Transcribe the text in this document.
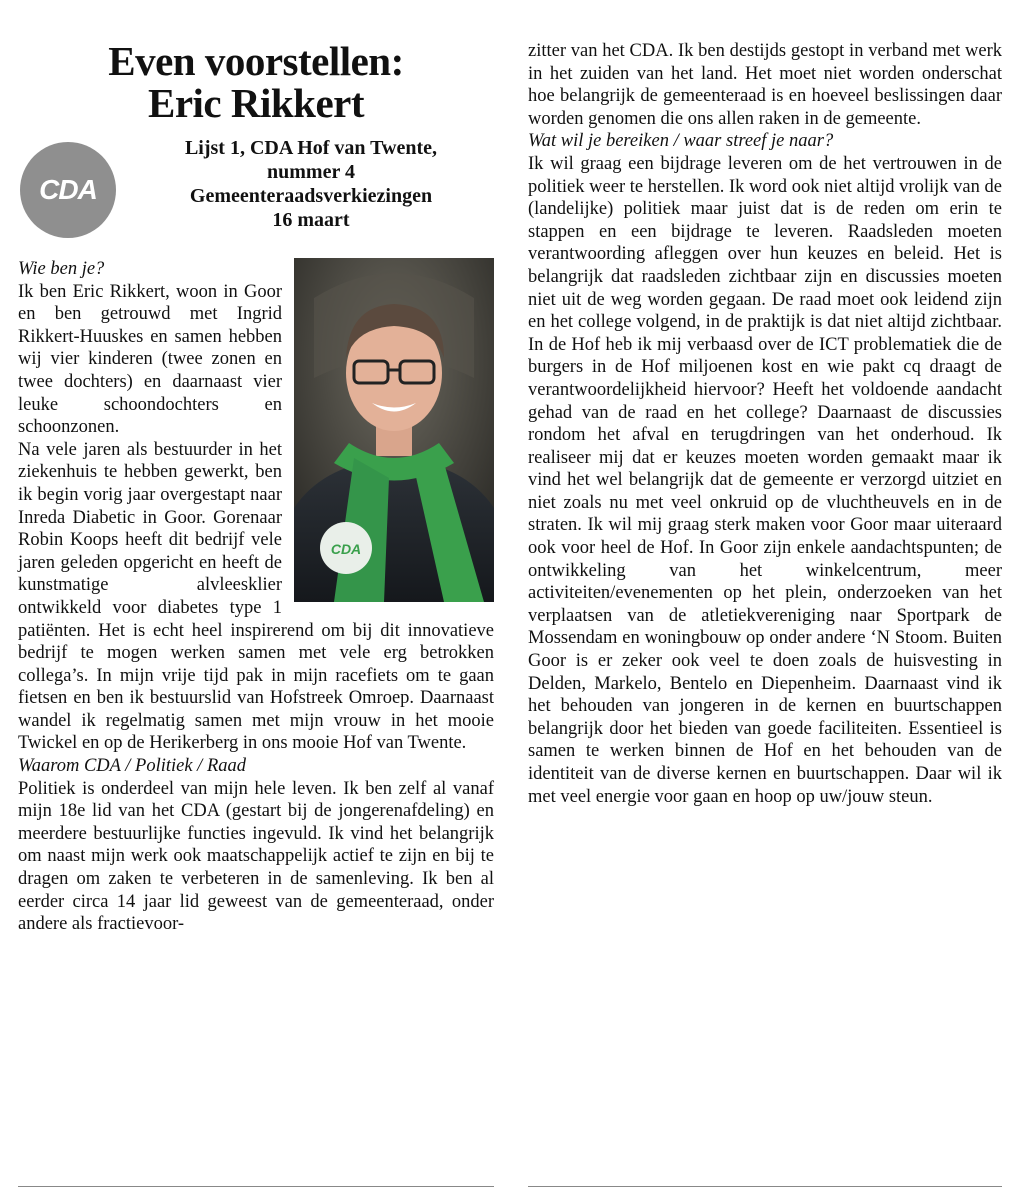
Even voorstellen:
Eric Rikkert
CDA
Lijst 1, CDA Hof van Twente,
nummer 4
Gemeenteraadsverkiezingen
16 maart
CDA
Wie ben je?
Ik ben Eric Rikkert, woon in Goor en ben getrouwd met Ingrid Rikkert-Huuskes en samen hebben wij vier kinderen (twee zonen en twee dochters) en daarnaast vier leuke schoondochters en schoonzonen.
Na vele jaren als bestuurder in het ziekenhuis te hebben gewerkt, ben ik begin vorig jaar overgestapt naar Inreda Diabetic in Goor. Gorenaar Robin Koops heeft dit bedrijf vele jaren geleden opgericht en heeft de kunstmatige alvleesklier ontwikkeld voor diabetes type 1 patiënten. Het is echt heel inspirerend om bij dit innovatieve bedrijf te mogen werken samen met vele erg betrokken collega’s. In mijn vrije tijd pak in mijn racefiets om te gaan fietsen en ben ik bestuurslid van Hofstreek Omroep. Daarnaast wandel ik regelmatig samen met mijn vrouw in het mooie Twickel en op de Herikerberg in ons mooie Hof van Twente.
Waarom CDA / Politiek / Raad
Politiek is onderdeel van mijn hele leven. Ik ben zelf al vanaf mijn 18e lid van het CDA (gestart bij de jongerenafdeling) en meerdere bestuurlijke functies ingevuld. Ik vind het belangrijk om naast mijn werk ook maatschappelijk actief te zijn en bij te dragen om zaken te verbeteren in de samenleving. Ik ben al eerder circa 14 jaar lid geweest van de gemeenteraad, onder andere als fractievoor-
zitter van het CDA. Ik ben destijds gestopt in verband met werk in het zuiden van het land. Het moet niet worden onderschat hoe belangrijk de gemeenteraad is en hoeveel beslissingen daar worden genomen die ons allen raken in de gemeente.
Wat wil je bereiken / waar streef je naar?
Ik wil graag een bijdrage leveren om de het vertrouwen in de politiek weer te herstellen. Ik word ook niet altijd vrolijk van de (landelijke) politiek maar juist dat is de reden om erin te stappen en een bijdrage te leveren. Raadsleden moeten verantwoording afleggen over hun keuzes en beleid. Het is belangrijk dat raadsleden zichtbaar zijn en discussies moeten niet uit de weg worden gegaan. De raad moet ook leidend zijn en het college volgend, in de praktijk is dat niet altijd zichtbaar. In de Hof heb ik mij verbaasd over de ICT problematiek die de burgers in de Hof miljoenen kost en wie pakt cq draagt de verantwoordelijkheid hiervoor? Heeft het voldoende aandacht gehad van de raad en het college? Daarnaast de discussies rondom het afval en terugdringen van het onderhoud. Ik realiseer mij dat er keuzes moeten worden gemaakt maar ik vind het wel belangrijk dat de gemeente er verzorgd uitziet en niet zoals nu met veel onkruid op de vluchtheuvels en in de straten. Ik wil mij graag sterk maken voor Goor maar uiteraard ook voor heel de Hof. In Goor zijn enkele aandachtspunten; de ontwikkeling van het winkelcentrum, meer activiteiten/evenementen op het plein, onderzoeken van het verplaatsen van de atletiekvereniging naar Sportpark de Mossendam en woningbouw op onder andere ‘N Stoom. Buiten Goor is er zeker ook veel te doen zoals de huisvesting in Delden, Markelo, Bentelo en Diepenheim. Daarnaast vind ik het behouden van jongeren in de kernen en buurtschappen belangrijk door het bieden van goede faciliteiten. Essentieel is samen te werken binnen de Hof en het behouden van de identiteit van de diverse kernen en buurtschappen. Daar wil ik met veel energie voor gaan en hoop op uw/jouw steun.
